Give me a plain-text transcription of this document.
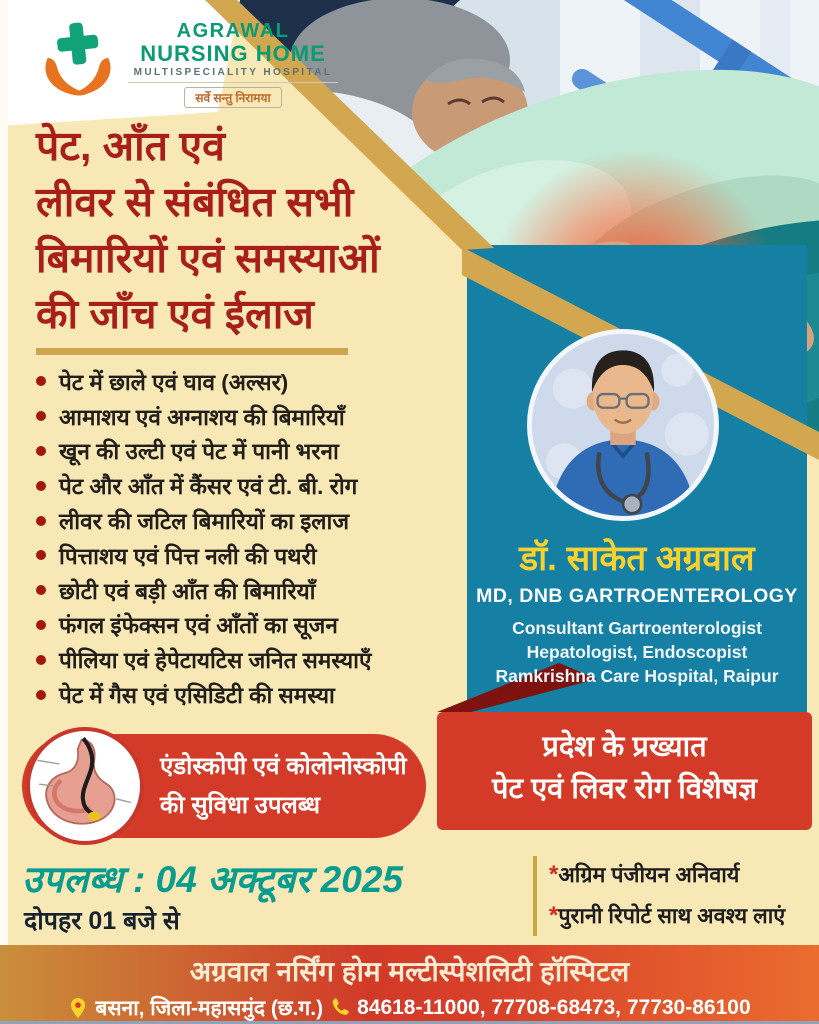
AGRAWAL
NURSING HOME
MULTISPECIALITY HOSPITAL
सर्वे सन्तु निरामया
पेट, आँत एवं
लीवर से संबंधित सभी
बिमारियों एवं समस्याओं
की जाँच एवं ईलाज
पेट में छाले एवं घाव (अल्सर)
आमाशय एवं अग्नाशय की बिमारियाँ
खून की उल्टी एवं पेट में पानी भरना
पेट और आँत में कैंसर एवं टी. बी. रोग
लीवर की जटिल बिमारियों का इलाज
पित्ताशय एवं पित्त नली की पथरी
छोटी एवं बड़ी आँत की बिमारियाँ
फंगल इंफेक्सन एवं आँतों का सूजन
पीलिया एवं हेपेटायटिस जनित समस्याएँ
पेट में गैस एवं एसिडिटी की समस्या
डॉ. साकेत अग्रवाल
MD, DNB GARTROENTEROLOGY
Consultant Gartroenterologist
Hepatologist, Endoscopist
Ramkrishna Care Hospital, Raipur
प्रदेश के प्रख्यात
पेट एवं लिवर रोग विशेषज्ञ
एंडोस्कोपी एवं कोलोनोस्कोपी
की सुविधा उपलब्ध
उपलब्ध : 04 अक्टूबर 2025
दोपहर 01 बजे से
*अग्रिम पंजीयन अनिवार्य
*पुरानी रिपोर्ट साथ अवश्य लाएं
अग्रवाल नर्सिंग होम मल्टीस्पेशलिटी हॉस्पिटल
बसना, जिला-महासमुंद (छ.ग.) 84618-11000, 77708-68473, 77730-86100
